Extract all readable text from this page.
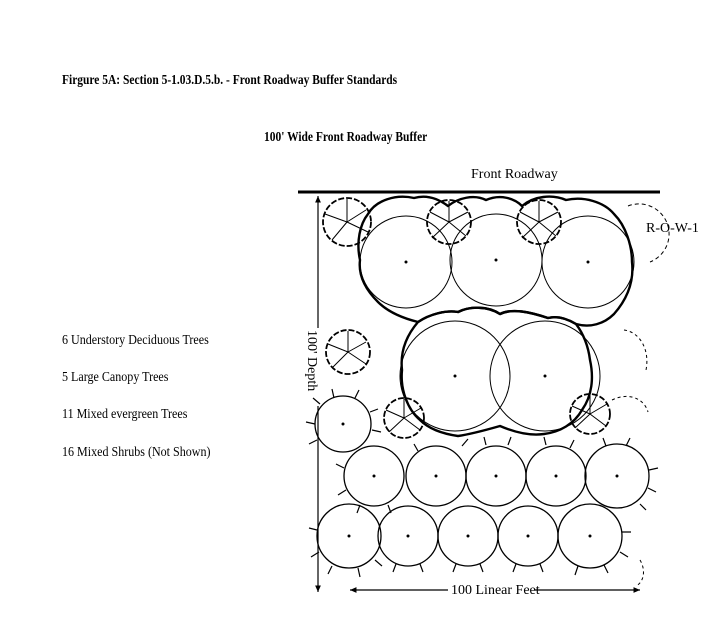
Firgure 5A: Section 5-1.03.D.5.b. - Front Roadway Buffer Standards
100' Wide Front Roadway Buffer
6 Understory Deciduous Trees
5 Large Canopy Trees
11 Mixed evergreen Trees
16 Mixed Shrubs (Not Shown)
Front Roadway
R-O-W-1
100' Depth
100 Linear Feet
